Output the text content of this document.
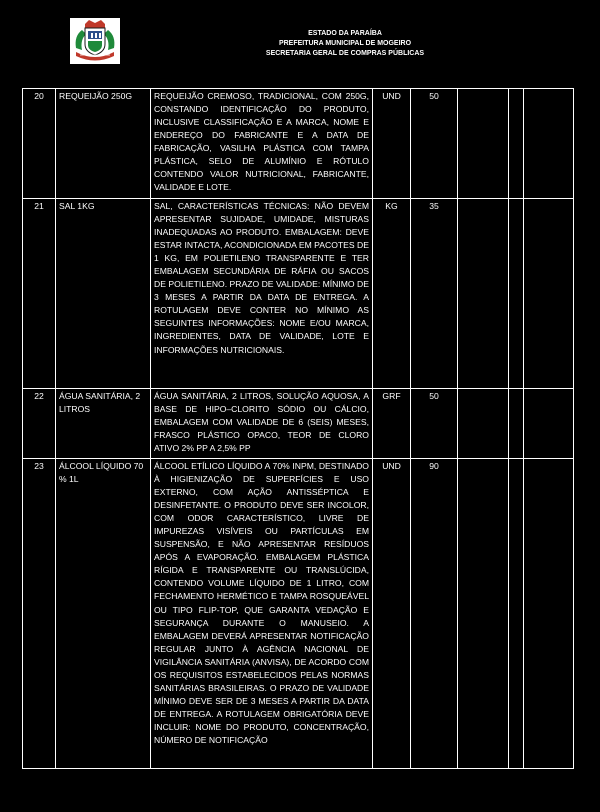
ESTADO DA PARAÍBA
PREFEITURA MUNICIPAL DE MOGEIRO
SECRETARIA GERAL DE COMPRAS PÚBLICAS
20	REQUEIJÃO 250G	REQUEIJÃO CREMOSO, TRADICIONAL, COM 250G, CONSTANDO IDENTIFICAÇÃO DO PRODUTO, INCLUSIVE CLASSIFICAÇÃO E A MARCA, NOME E ENDEREÇO DO FABRICANTE E A DATA DE FABRICAÇÃO, VASILHA PLÁSTICA COM TAMPA PLÁSTICA, SELO DE ALUMÍNIO E RÓTULO CONTENDO VALOR NUTRICIONAL, FABRICANTE, VALIDADE E LOTE.	UND	50			
21	SAL 1KG	SAL, CARACTERÍSTICAS TÉCNICAS: NÃO DEVEM APRESENTAR SUJIDADE, UMIDADE, MISTURAS INADEQUADAS AO PRODUTO. EMBALAGEM: DEVE ESTAR INTACTA, ACONDICIONADA EM PACOTES DE 1 KG, EM POLIETILENO TRANSPARENTE E TER EMBALAGEM SECUNDÁRIA DE RÁFIA OU SACOS DE POLIETILENO. PRAZO DE VALIDADE: MÍNIMO DE 3 MESES A PARTIR DA DATA DE ENTREGA. A ROTULAGEM DEVE CONTER NO MÍNIMO AS SEGUINTES INFORMAÇÕES: NOME E/OU MARCA, INGREDIENTES, DATA DE VALIDADE, LOTE E INFORMAÇÕES NUTRICIONAIS.	KG	35			
22	ÁGUA SANITÁRIA, 2 LITROS	ÁGUA SANITÁRIA, 2 LITROS, SOLUÇÃO AQUOSA, A BASE DE HIPO–CLORITO SÓDIO OU CÁLCIO, EMBALAGEM COM VALIDADE DE 6 (SEIS) MESES, FRASCO PLÁSTICO OPACO, TEOR DE CLORO ATIVO 2% PP A 2,5% PP	GRF	50			
23	ÁLCOOL LÍQUIDO 70 % 1L	ÁLCOOL ETÍLICO LÍQUIDO A 70% INPM, DESTINADO À HIGIENIZAÇÃO DE SUPERFÍCIES E USO EXTERNO, COM AÇÃO ANTISSÉPTICA E DESINFETANTE. O PRODUTO DEVE SER INCOLOR, COM ODOR CARACTERÍSTICO, LIVRE DE IMPUREZAS VISÍVEIS OU PARTÍCULAS EM SUSPENSÃO, E NÃO APRESENTAR RESÍDUOS APÓS A EVAPORAÇÃO. EMBALAGEM PLÁSTICA RÍGIDA E TRANSPARENTE OU TRANSLÚCIDA, CONTENDO VOLUME LÍQUIDO DE 1 LITRO, COM FECHAMENTO HERMÉTICO E TAMPA ROSQUEÁVEL OU TIPO FLIP-TOP, QUE GARANTA VEDAÇÃO E SEGURANÇA DURANTE O MANUSEIO. A EMBALAGEM DEVERÁ APRESENTAR NOTIFICAÇÃO REGULAR JUNTO À AGÊNCIA NACIONAL DE VIGILÂNCIA SANITÁRIA (ANVISA), DE ACORDO COM OS REQUISITOS ESTABELECIDOS PELAS NORMAS SANITÁRIAS BRASILEIRAS. O PRAZO DE VALIDADE MÍNIMO DEVE SER DE 3 MESES A PARTIR DA DATA DE ENTREGA. A ROTULAGEM OBRIGATÓRIA DEVE INCLUIR: NOME DO PRODUTO, CONCENTRAÇÃO, NÚMERO DE NOTIFICAÇÃO	UND	90			
